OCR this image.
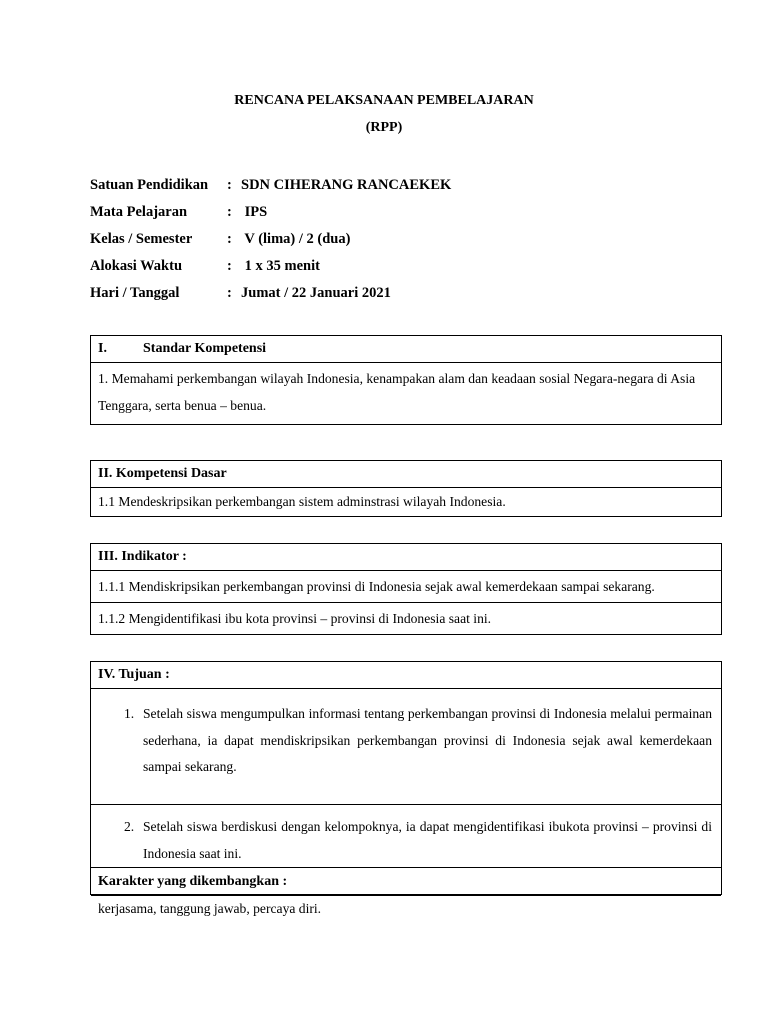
RENCANA PELAKSANAAN PEMBELAJARAN
(RPP)
Satuan Pendidikan	: SDN CIHERANG RANCAEKEK
Mata Pelajaran	: IPS
Kelas / Semester	: V (lima) / 2 (dua)
Alokasi Waktu	: 1 x 35 menit
Hari / Tanggal	: Jumat / 22 Januari 2021
I.	Standar Kompetensi
1. Memahami perkembangan wilayah Indonesia, kenampakan alam dan keadaan sosial Negara-negara di Asia Tenggara, serta benua – benua.
II. Kompetensi Dasar
1.1 Mendeskripsikan perkembangan sistem adminstrasi wilayah Indonesia.
III. Indikator :
1.1.1 Mendiskripsikan perkembangan provinsi di Indonesia sejak awal kemerdekaan sampai sekarang.
1.1.2 Mengidentifikasi ibu kota provinsi – provinsi di Indonesia saat ini.
IV. Tujuan :
1. Setelah siswa mengumpulkan informasi tentang perkembangan provinsi di Indonesia melalui permainan sederhana, ia dapat mendiskripsikan perkembangan provinsi di Indonesia sejak awal kemerdekaan sampai sekarang.
2. Setelah siswa berdiskusi dengan kelompoknya, ia dapat mengidentifikasi ibukota provinsi – provinsi di Indonesia saat ini.
Karakter yang dikembangkan :
kerjasama, tanggung jawab, percaya diri.
